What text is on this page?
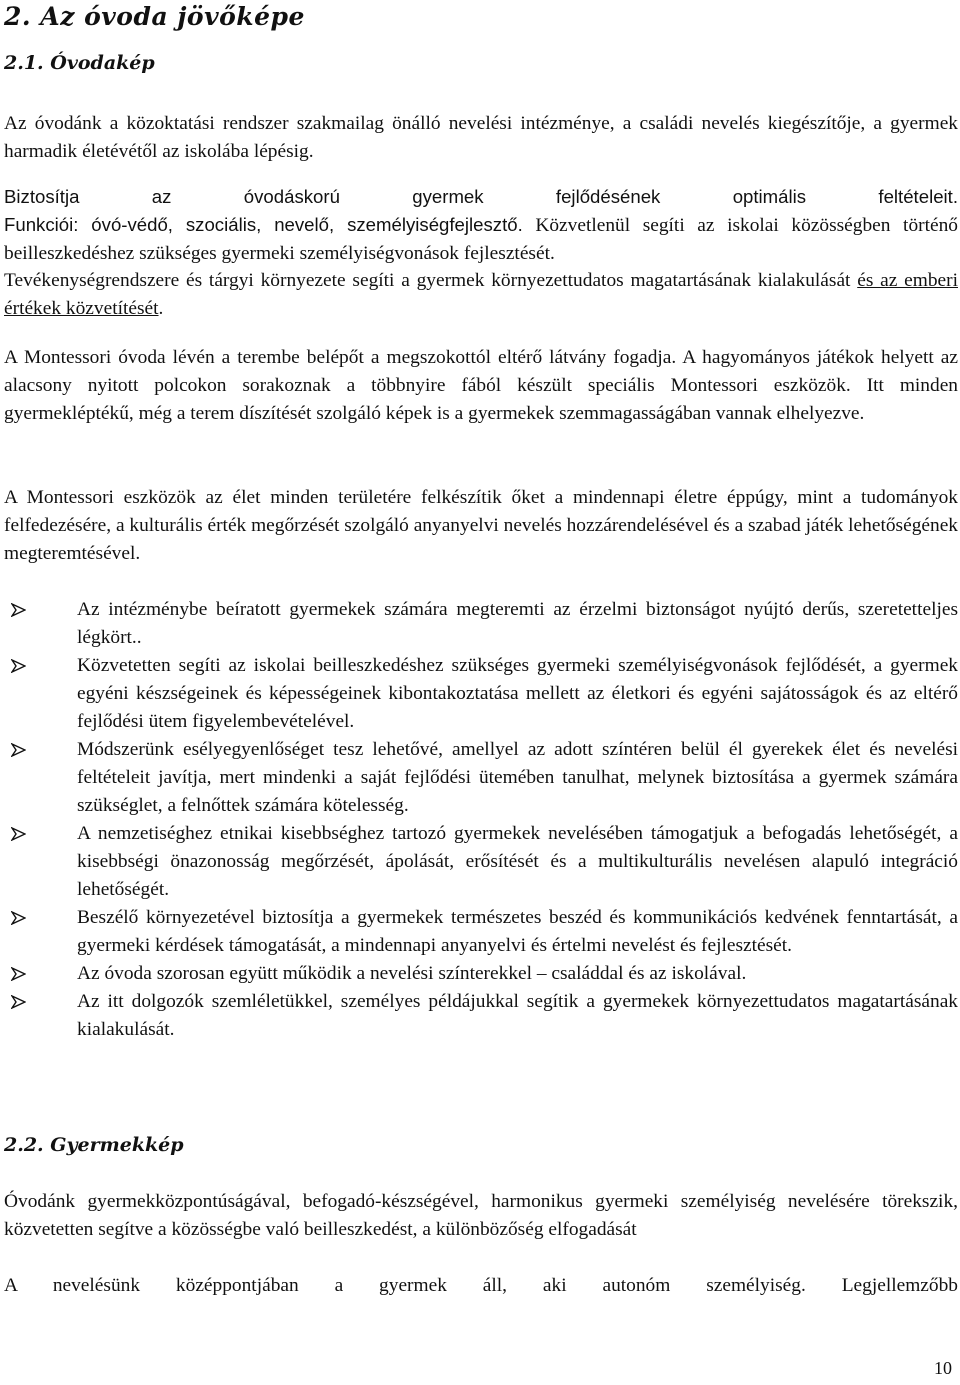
2. Az óvoda jövőképe
2.1. Óvodakép
Az óvodánk a közoktatási rendszer szakmailag önálló nevelési intézménye, a családi nevelés kiegészítője, a gyermek harmadik életévétől az iskolába lépésig.
Biztosítja az óvodáskorú gyermek fejlődésének optimális feltételeit.
Funkciói: óvó-védő, szociális, nevelő, személyiségfejlesztő. Közvetlenül segíti az iskolai közösségben történő beilleszkedéshez szükséges gyermeki személyiségvonások fejlesztését.
Tevékenységrendszere és tárgyi környezete segíti a gyermek környezettudatos magatartásának kialakulását és az emberi értékek közvetítését.
A Montessori óvoda lévén a terembe belépőt a megszokottól eltérő látvány fogadja. A hagyományos játékok helyett az alacsony nyitott polcokon sorakoznak a többnyire fából készült speciális Montessori eszközök. Itt minden gyermekléptékű, még a terem díszítését szolgáló képek is a gyermekek szemmagasságában vannak elhelyezve.
A Montessori eszközök az élet minden területére felkészítik őket a mindennapi életre éppúgy, mint a tudományok felfedezésére, a kulturális érték megőrzését szolgáló anyanyelvi nevelés hozzárendelésével és a szabad játék lehetőségének megteremtésével.
Az intézménybe beíratott gyermekek számára megteremti az érzelmi biztonságot nyújtó derűs, szeretetteljes légkört..
Közvetetten segíti az iskolai beilleszkedéshez szükséges gyermeki személyiségvonások fejlődését, a gyermek egyéni készségeinek és képességeinek kibontakoztatása mellett az életkori és egyéni sajátosságok és az eltérő fejlődési ütem figyelembevételével.
Módszerünk esélyegyenlőséget tesz lehetővé, amellyel az adott színtéren belül él gyerekek élet és nevelési feltételeit javítja, mert mindenki a saját fejlődési ütemében tanulhat, melynek biztosítása a gyermek számára szükséglet, a felnőttek számára kötelesség.
A nemzetiséghez etnikai kisebbséghez tartozó gyermekek nevelésében támogatjuk a befogadás lehetőségét, a kisebbségi önazonosság megőrzését, ápolását, erősítését és a multikulturális nevelésen alapuló integráció lehetőségét.
Beszélő környezetével biztosítja a gyermekek természetes beszéd és kommunikációs kedvének fenntartását, a gyermeki kérdések támogatását, a mindennapi anyanyelvi és értelmi nevelést és fejlesztését.
Az óvoda szorosan együtt működik a nevelési színterekkel – családdal és az iskolával.
Az itt dolgozók szemléletükkel, személyes példájukkal segítik a gyermekek környezettudatos magatartásának kialakulását.
2.2. Gyermekkép
Óvodánk gyermekközpontúságával, befogadó-készségével, harmonikus gyermeki személyiség nevelésére törekszik, közvetetten segítve a közösségbe való beilleszkedést, a különbözőség elfogadását
A nevelésünk középpontjában a gyermek áll, aki autonóm személyiség. Legjellemzőbb
10
